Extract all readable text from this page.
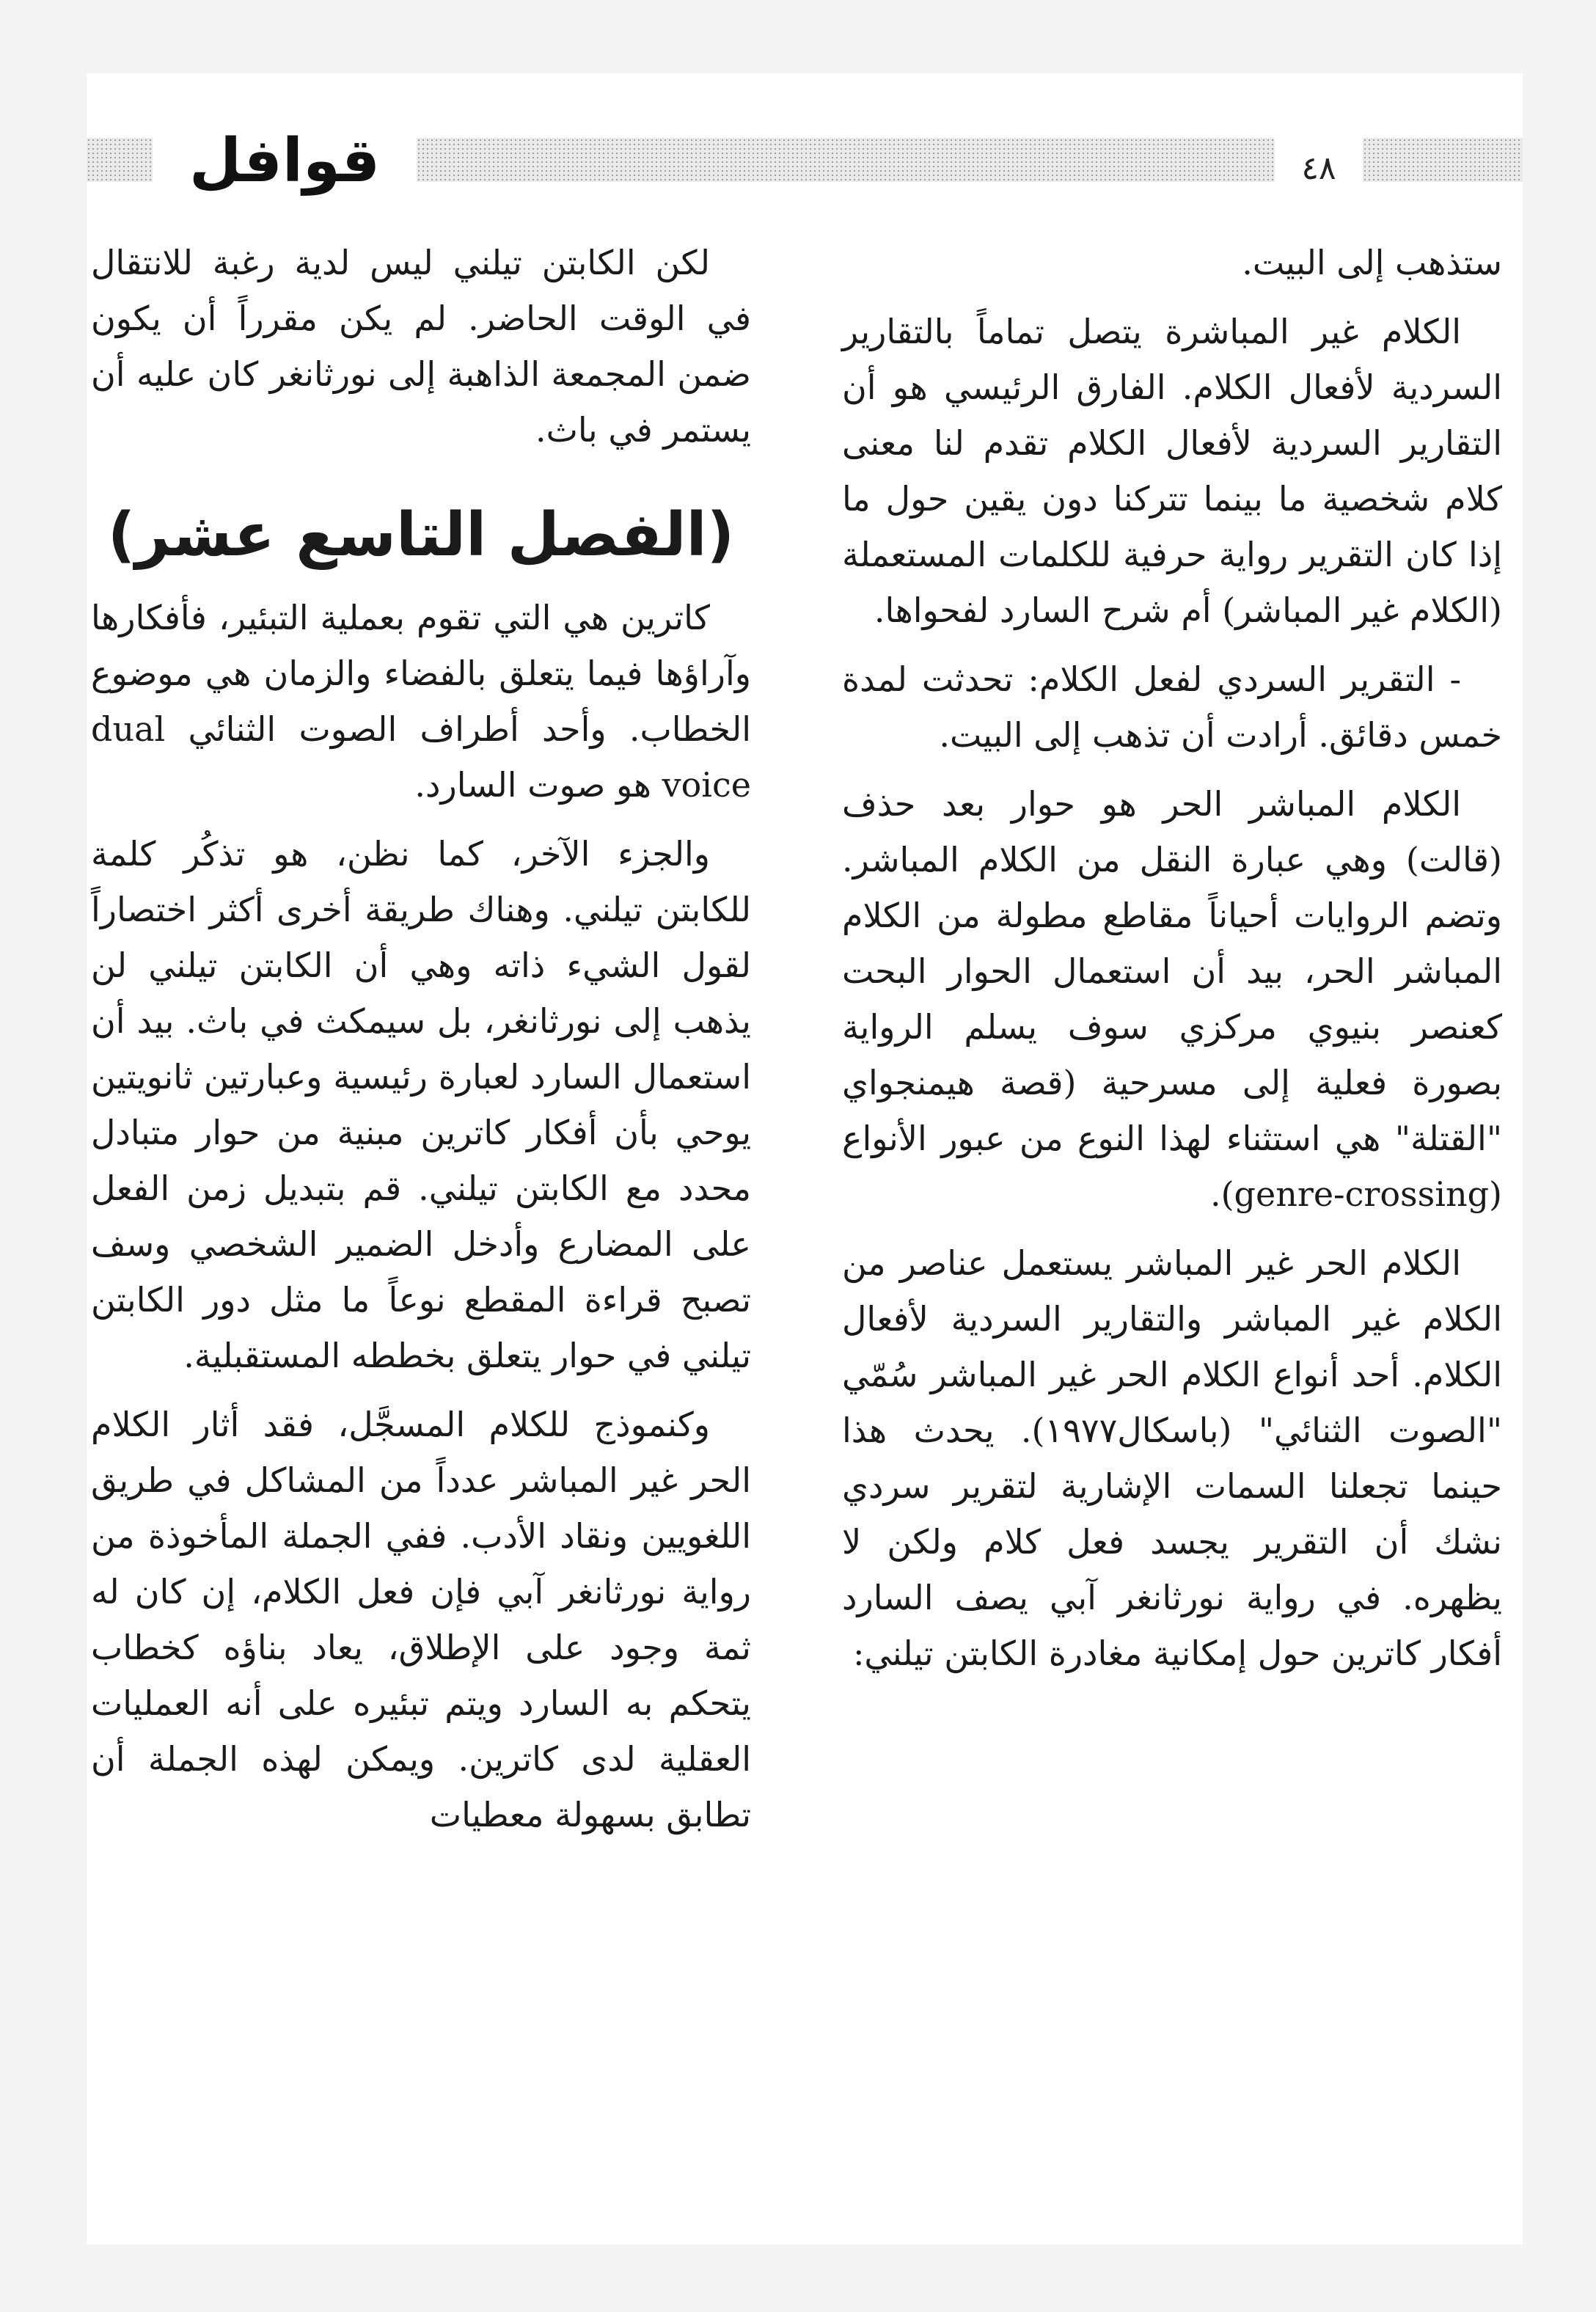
قوافل	٤٨

ستذهب إلى البيت.

الكلام غير المباشرة يتصل تماماً بالتقارير السردية لأفعال الكلام. الفارق الرئيسي هو أن التقارير السردية لأفعال الكلام تقدم لنا معنى كلام شخصية ما بينما تتركنا دون يقين حول ما إذا كان التقرير رواية حرفية للكلمات المستعملة (الكلام غير المباشر) أم شرح السارد لفحواها.

- التقرير السردي لفعل الكلام: تحدثت لمدة خمس دقائق. أرادت أن تذهب إلى البيت.

الكلام المباشر الحر هو حوار بعد حذف (قالت) وهي عبارة النقل من الكلام المباشر. وتضم الروايات أحياناً مقاطع مطولة من الكلام المباشر الحر، بيد أن استعمال الحوار البحت كعنصر بنيوي مركزي سوف يسلم الرواية بصورة فعلية إلى مسرحية (قصة هيمنجواي "القتلة" هي استثناء لهذا النوع من عبور الأنواع (genre-crossing).

الكلام الحر غير المباشر يستعمل عناصر من الكلام غير المباشر والتقارير السردية لأفعال الكلام. أحد أنواع الكلام الحر غير المباشر سُمّي "الصوت الثنائي" (باسكال١٩٧٧). يحدث هذا حينما تجعلنا السمات الإشارية لتقرير سردي نشك أن التقرير يجسد فعل كلام ولكن لا يظهره. في رواية نورثانغر آبي يصف السارد أفكار كاترين حول إمكانية مغادرة الكابتن تيلني:

لكن الكابتن تيلني ليس لدية رغبة للانتقال في الوقت الحاضر. لم يكن مقرراً أن يكون ضمن المجمعة الذاهبة إلى نورثانغر كان عليه أن يستمر في باث.

(الفصل التاسع عشر)

كاترين هي التي تقوم بعملية التبئير، فأفكارها وآراؤها فيما يتعلق بالفضاء والزمان هي موضوع الخطاب. وأحد أطراف الصوت الثنائي dual voice هو صوت السارد.

والجزء الآخر، كما نظن، هو تذكُر كلمة للكابتن تيلني. وهناك طريقة أخرى أكثر اختصاراً لقول الشيء ذاته وهي أن الكابتن تيلني لن يذهب إلى نورثانغر، بل سيمكث في باث. بيد أن استعمال السارد لعبارة رئيسية وعبارتين ثانويتين يوحي بأن أفكار كاترين مبنية من حوار متبادل محدد مع الكابتن تيلني. قم بتبديل زمن الفعل على المضارع وأدخل الضمير الشخصي وسف تصبح قراءة المقطع نوعاً ما مثل دور الكابتن تيلني في حوار يتعلق بخططه المستقبلية.

وكنموذج للكلام المسجَّل، فقد أثار الكلام الحر غير المباشر عدداً من المشاكل في طريق اللغويين ونقاد الأدب. ففي الجملة المأخوذة من رواية نورثانغر آبي فإن فعل الكلام، إن كان له ثمة وجود على الإطلاق، يعاد بناؤه كخطاب يتحكم به السارد ويتم تبئيره على أنه العمليات العقلية لدى كاترين. ويمكن لهذه الجملة أن تطابق بسهولة معطيات
